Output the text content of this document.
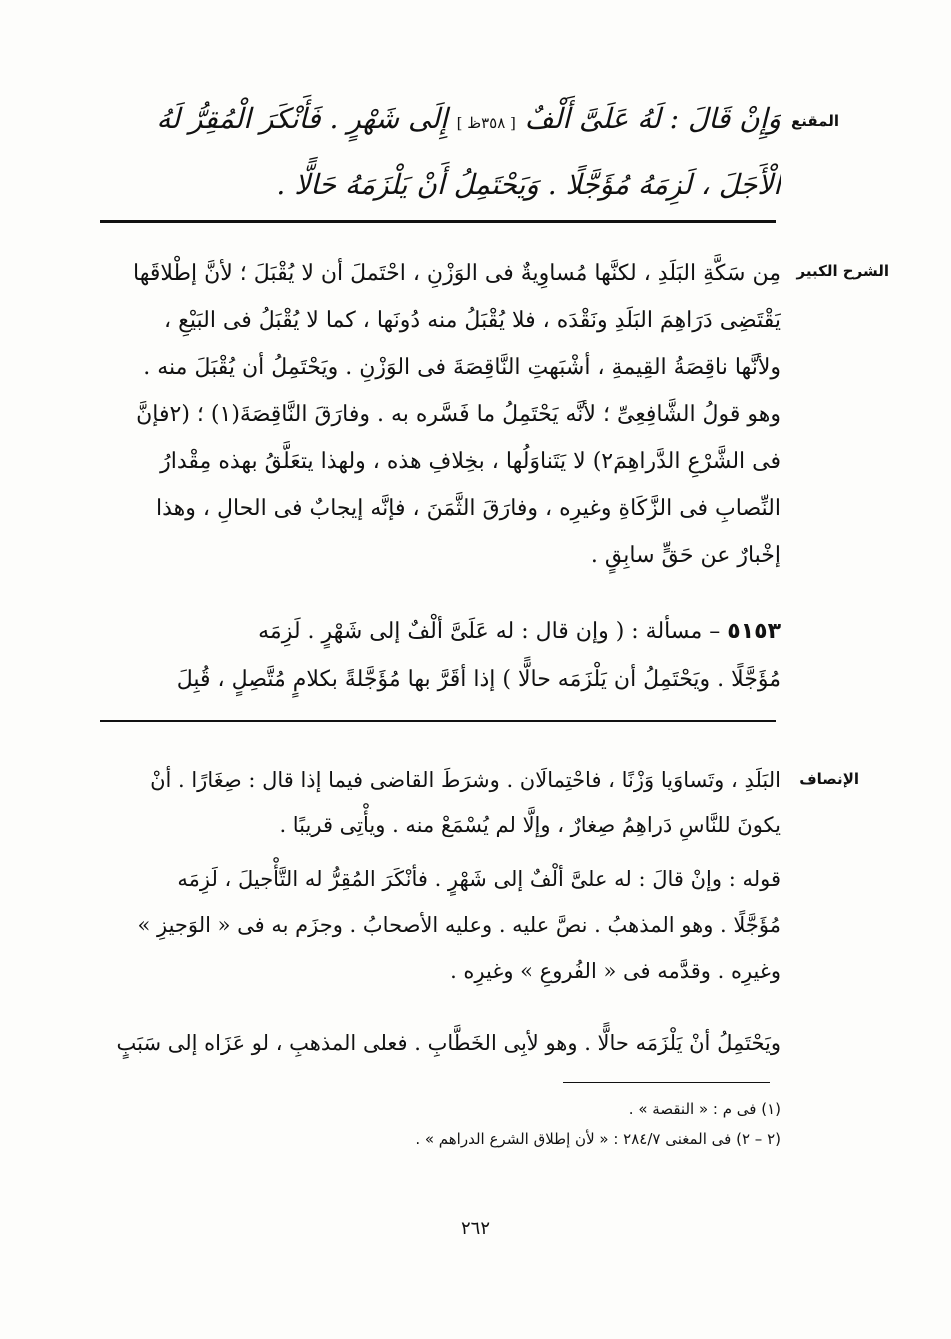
المقنع
وَإِنْ قَالَ : لَهُ عَلَىَّ أَلْفٌ [ ٣٥٨ظ ] إِلَى شَهْرٍ . فَأَنْكَرَ الْمُقِرُّ لَهُ
الْأَجَلَ ، لَزِمَهُ مُؤَجَّلًا . وَيَحْتَمِلُ أَنْ يَلْزَمَهُ حَالًّا .
الشرح الكبير
مِن سَكَّةِ البَلَدِ ، لكنَّها مُساوِيةٌ فى الوَزْنِ ، احْتَملَ أن لا يُقْبَلَ ؛ لأنَّ إطْلاقَها
يَقْتَضِى دَرَاهِمَ البَلَدِ ونَقْدَه ، فلا يُقْبَلُ منه دُونَها ، كما لا يُقْبَلُ فى البَيْعِ ،
ولأنَّها ناقِصَةُ القِيمةِ ، أشْبَهتِ النَّاقِصَةَ فى الوَزْنِ . ويَحْتَمِلُ أن يُقْبَلَ منه .
وهو قولُ الشَّافِعِىِّ ؛ لأنَّه يَحْتَمِلُ ما فَسَّره به . وفارَقَ النَّاقِصَةَ(١) ؛ (٢فإنَّ
فى الشَّرْعِ الدَّراهِمَ٢) لا يَتَناوَلُها ، بخِلافِ هذه ، ولهذا يتعَلَّقُ بهذه مِقْدارُ
النِّصابِ فى الزَّكَاةِ وغيرِه ، وفارَقَ الثَّمَنَ ، فإنَّه إيجابٌ فى الحالِ ، وهذا
إخْبارٌ عن حَقٍّ سابِقٍ .
٥١٥٣ – مسألة : ( وإن قال : له عَلَىَّ ألْفٌ إلى شَهْرٍ . لَزِمَه
مُؤَجَّلًا . ويَحْتَمِلُ أن يَلْزَمَه حالًّا ) إذا أقَرَّ بها مُؤَجَّلةً بكلامٍ مُتَّصِلٍ ، قُبِلَ
الإنصاف
البَلَدِ ، وتَساوَيا وَزْنًا ، فاحْتِمالَان . وشرَطَ القاضى فيما إذا قال : صِغَارًا . أنْ
يكونَ للنَّاسِ دَراهِمُ صِغارٌ ، وإلَّا لم يُسْمَعْ منه . ويأْتِى قريبًا .
قوله : وإنْ قالَ : له علىَّ ألْفٌ إلى شَهْرٍ . فأنْكَرَ المُقِرُّ له التَّأْجيلَ ، لَزِمَه
مُؤَجَّلًا . وهو المذهبُ . نصَّ عليه . وعليه الأصحابُ . وجزَم به فى « الوَجيزِ »
وغيرِه . وقدَّمه فى « الفُروعِ » وغيرِه .
ويَحْتَمِلُ أنْ يَلْزَمَه حالًّا . وهو لأبِى الخَطَّابِ . فعلى المذهبِ ، لو عَزَاه إلى سَبَبٍ
(١) فى م : « النقصة » .
(٢ – ٢) فى المغنى ٢٨٤/٧ : « لأن إطلاق الشرع الدراهم » .
٢٦٢
